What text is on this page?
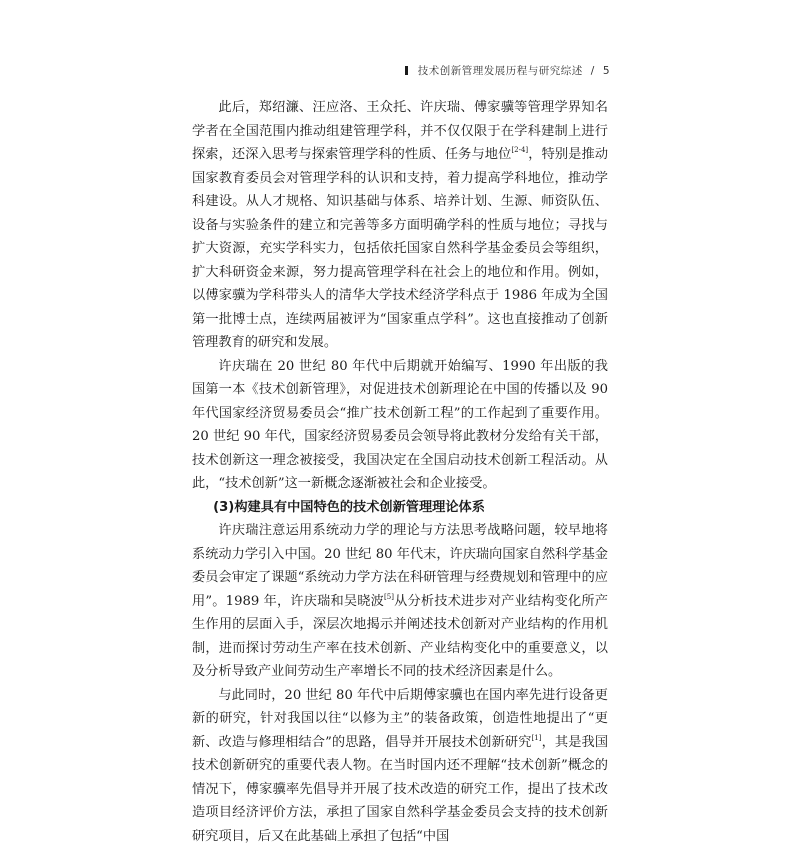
技术创新管理发展历程与研究综述 / 5

此后，郑绍濂、汪应洛、王众托、许庆瑞、傅家骥等管理学界知名学者在全国范围内推动组建管理学科，并不仅仅限于在学科建制上进行探索，还深入思考与探索管理学科的性质、任务与地位[2-4]，特别是推动国家教育委员会对管理学科的认识和支持，着力提高学科地位，推动学科建设。从人才规格、知识基础与体系、培养计划、生源、师资队伍、设备与实验条件的建立和完善等多方面明确学科的性质与地位；寻找与扩大资源，充实学科实力，包括依托国家自然科学基金委员会等组织，扩大科研资金来源，努力提高管理学科在社会上的地位和作用。例如，以傅家骥为学科带头人的清华大学技术经济学科点于 1986 年成为全国第一批博士点，连续两届被评为“国家重点学科”。这也直接推动了创新管理教育的研究和发展。

许庆瑞在 20 世纪 80 年代中后期就开始编写、1990 年出版的我国第一本《技术创新管理》，对促进技术创新理论在中国的传播以及 90 年代国家经济贸易委员会“推广技术创新工程”的工作起到了重要作用。20 世纪 90 年代，国家经济贸易委员会领导将此教材分发给有关干部，技术创新这一理念被接受，我国决定在全国启动技术创新工程活动。从此，“技术创新”这一新概念逐渐被社会和企业接受。

(3)构建具有中国特色的技术创新管理理论体系

许庆瑞注意运用系统动力学的理论与方法思考战略问题，较早地将系统动力学引入中国。20 世纪 80 年代末，许庆瑞向国家自然科学基金委员会审定了课题“系统动力学方法在科研管理与经费规划和管理中的应用”。1989 年，许庆瑞和吴晓波[5]从分析技术进步对产业结构变化所产生作用的层面入手，深层次地揭示并阐述技术创新对产业结构的作用机制，进而探讨劳动生产率在技术创新、产业结构变化中的重要意义，以及分析导致产业间劳动生产率增长不同的技术经济因素是什么。

与此同时，20 世纪 80 年代中后期傅家骥也在国内率先进行设备更新的研究，针对我国以往“以修为主”的装备政策，创造性地提出了“更新、改造与修理相结合”的思路，倡导并开展技术创新研究[1]，其是我国技术创新研究的重要代表人物。在当时国内还不理解“技术创新”概念的情况下，傅家骥率先倡导并开展了技术改造的研究工作，提出了技术改造项目经济评价方法，承担了国家自然科学基金委员会支持的技术创新研究项目，后又在此基础上承担了包括“中国
